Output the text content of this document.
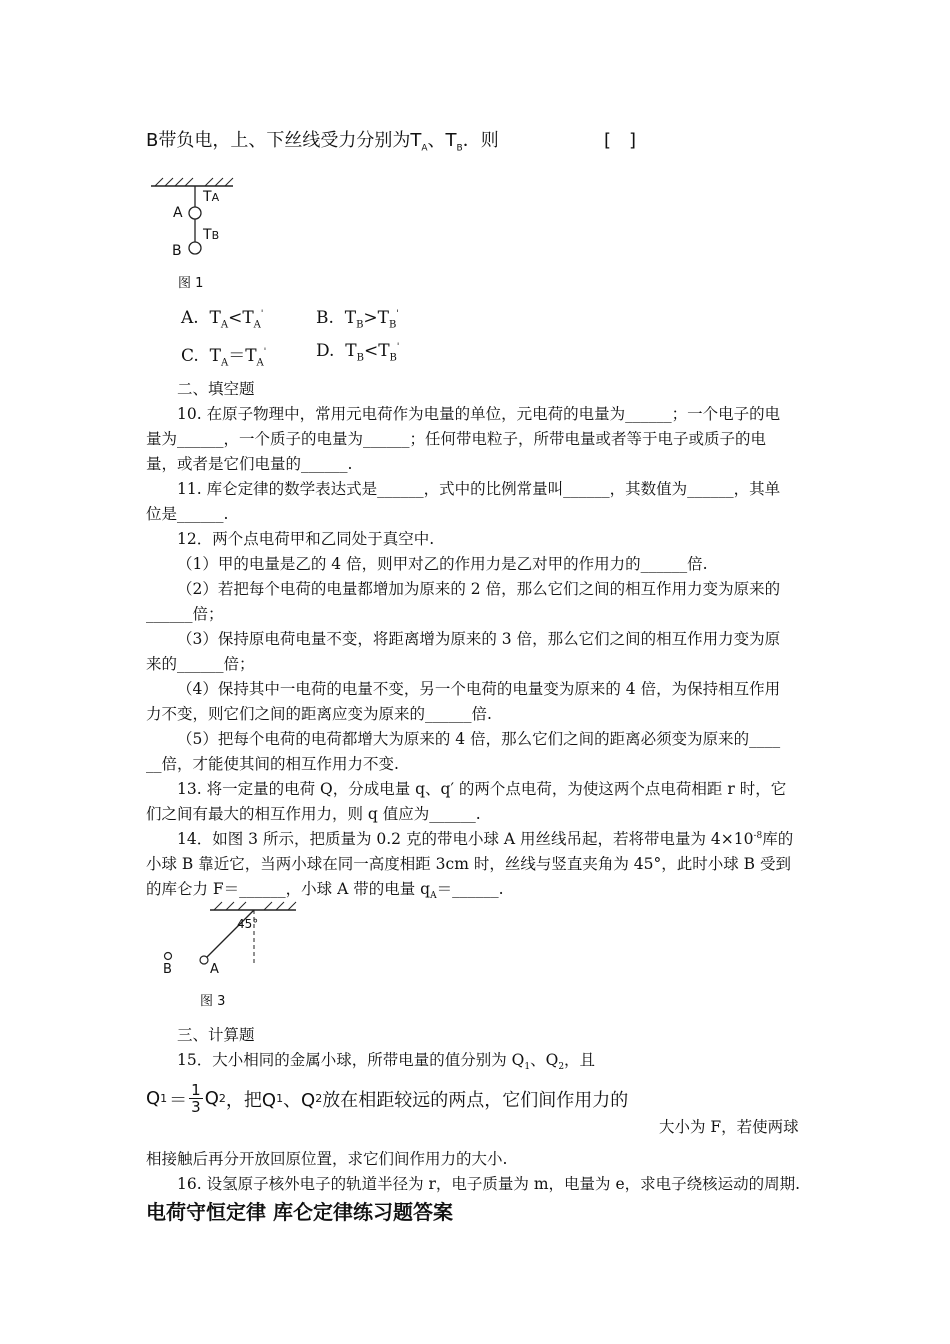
B带负电，上、下丝线受力分别为$T_A$、$T_B$．则	[　]
TA
A
TB
B
图 1
A.  $T_A<T_A'$	B.  $T_B>T_B'$
C.  $T_A=T_A'$	D.  $T_B<T_B'$
二、填空题
10. 在原子物理中，常用元电荷作为电量的单位，元电荷的电量为______；一个电子的电
量为______，一个质子的电量为______；任何带电粒子，所带电量或者等于电子或质子的电
量，或者是它们电量的______.
11. 库仑定律的数学表达式是______，式中的比例常量叫______，其数值为______，其单
位是______.
12．两个点电荷甲和乙同处于真空中.
（1）甲的电量是乙的 4 倍，则甲对乙的作用力是乙对甲的作用力的______倍.
（2）若把每个电荷的电量都增加为原来的 2 倍，那么它们之间的相互作用力变为原来的
______倍；
（3）保持原电荷电量不变，将距离增为原来的 3 倍，那么它们之间的相互作用力变为原
来的______倍；
（4）保持其中一电荷的电量不变，另一个电荷的电量变为原来的 4 倍，为保持相互作用
力不变，则它们之间的距离应变为原来的______倍.
（5）把每个电荷的电荷都增大为原来的 4 倍，那么它们之间的距离必须变为原来的____
__倍，才能使其间的相互作用力不变.
13. 将一定量的电荷 Q，分成电量 q、q′ 的两个点电荷，为使这两个点电荷相距 r 时，它
们之间有最大的相互作用力，则 q 值应为______.
14．如图 3 所示，把质量为 0.2 克的带电小球 A 用丝线吊起，若将带电量为 $4\times 10^{-8}$库的
小球 B 靠近它，当两小球在同一高度相距 3cm 时，丝线与竖直夹角为 45°，此时小球 B 受到
的库仑力 F＝______，小球 A 带的电量 $q_A=\_\_\_\_\_\_$.
45°
A
B
图 3
三、计算题
15．大小相同的金属小球，所带电量的值分别为 $Q_1$、$Q_2$，且
Q 1 ＝ 1
3 Q 2 ，把Q 1 、Q 2 放在相距较远的两点，它们间作用力的
大小为 F，若使两球
相接触后再分开放回原位置，求它们间作用力的大小.
16. 设氢原子核外电子的轨道半径为 r，电子质量为 m，电量为 e，求电子绕核运动的周期.
电荷守恒定律 库仑定律练习题答案
